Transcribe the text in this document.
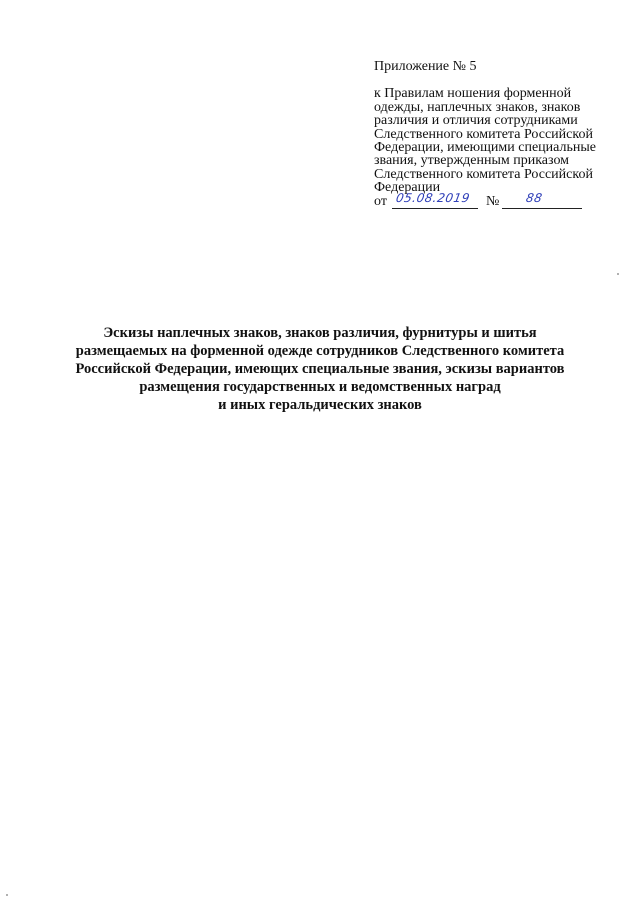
Приложение № 5
к Правилам ношения форменной одежды, наплечных знаков, знаков различия и отличия сотрудниками Следственного комитета Российской Федерации, имеющими специальные звания, утвержденным приказом Следственного комитета Российской Федерации
от 05.08.2019 № 88
Эскизы наплечных знаков, знаков различия, фурнитуры и шитья
размещаемых на форменной одежде сотрудников Следственного комитета
Российской Федерации, имеющих специальные звания, эскизы вариантов
размещения государственных и ведомственных наград
и иных геральдических знаков
